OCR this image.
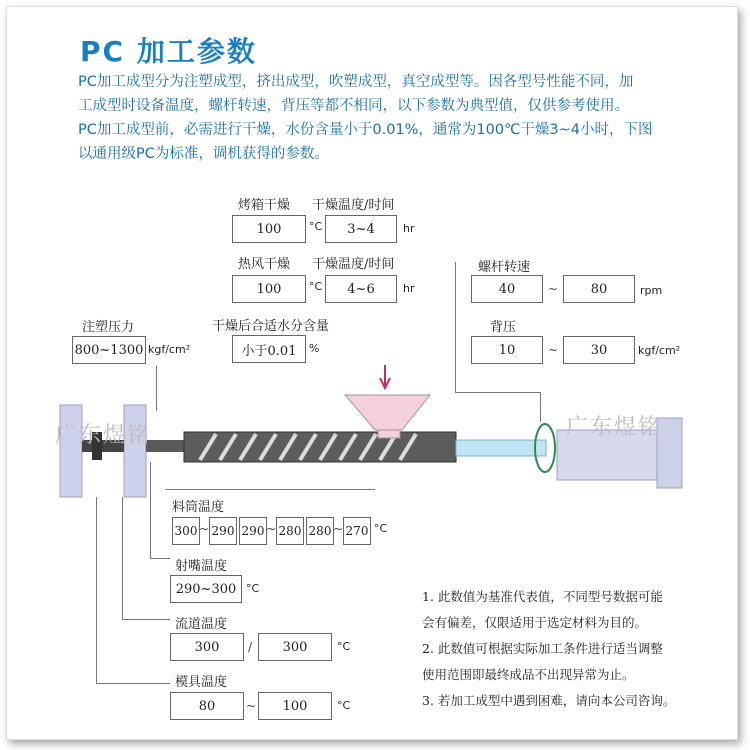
PC 加工参数

PC加工成型分为注塑成型，挤出成型，吹塑成型，真空成型等。因各型号性能不同，加

工成型时设备温度，螺杆转速，背压等都不相同，以下参数为典型值，仅供参考使用。

PC加工成型前，必需进行干燥，水份含量小于0.01%，通常为100℃干燥3~4小时，下图

以通用级PC为标准，调机获得的参数。

广东煜铭	广东煜铭
烤箱干燥 干燥温度/时间
100	°C	3~4	hr
热风干燥 干燥温度/时间
100	°C	4~6	hr
干燥后合适水分含量
小于0.01	%
注塑压力
800~1300 kgf/cm²
螺杆转速
40	~	80	rpm
背压
10	~	30	kgf/cm²
料筒温度
300 ~ 290 290 ~ 280 280 ~ 270 °C
射嘴温度
290~300 °C
流道温度
300	/	300	°C
模具温度
80	~	100	°C
1. 此数值为基准代表值，不同型号数据可能
会有偏差，仅限适用于选定材料为目的。
2. 此数值可根据实际加工条件进行适当调整
使用范围即最终成品不出现异常为止。
3. 若加工成型中遇到困难，请向本公司咨询。
